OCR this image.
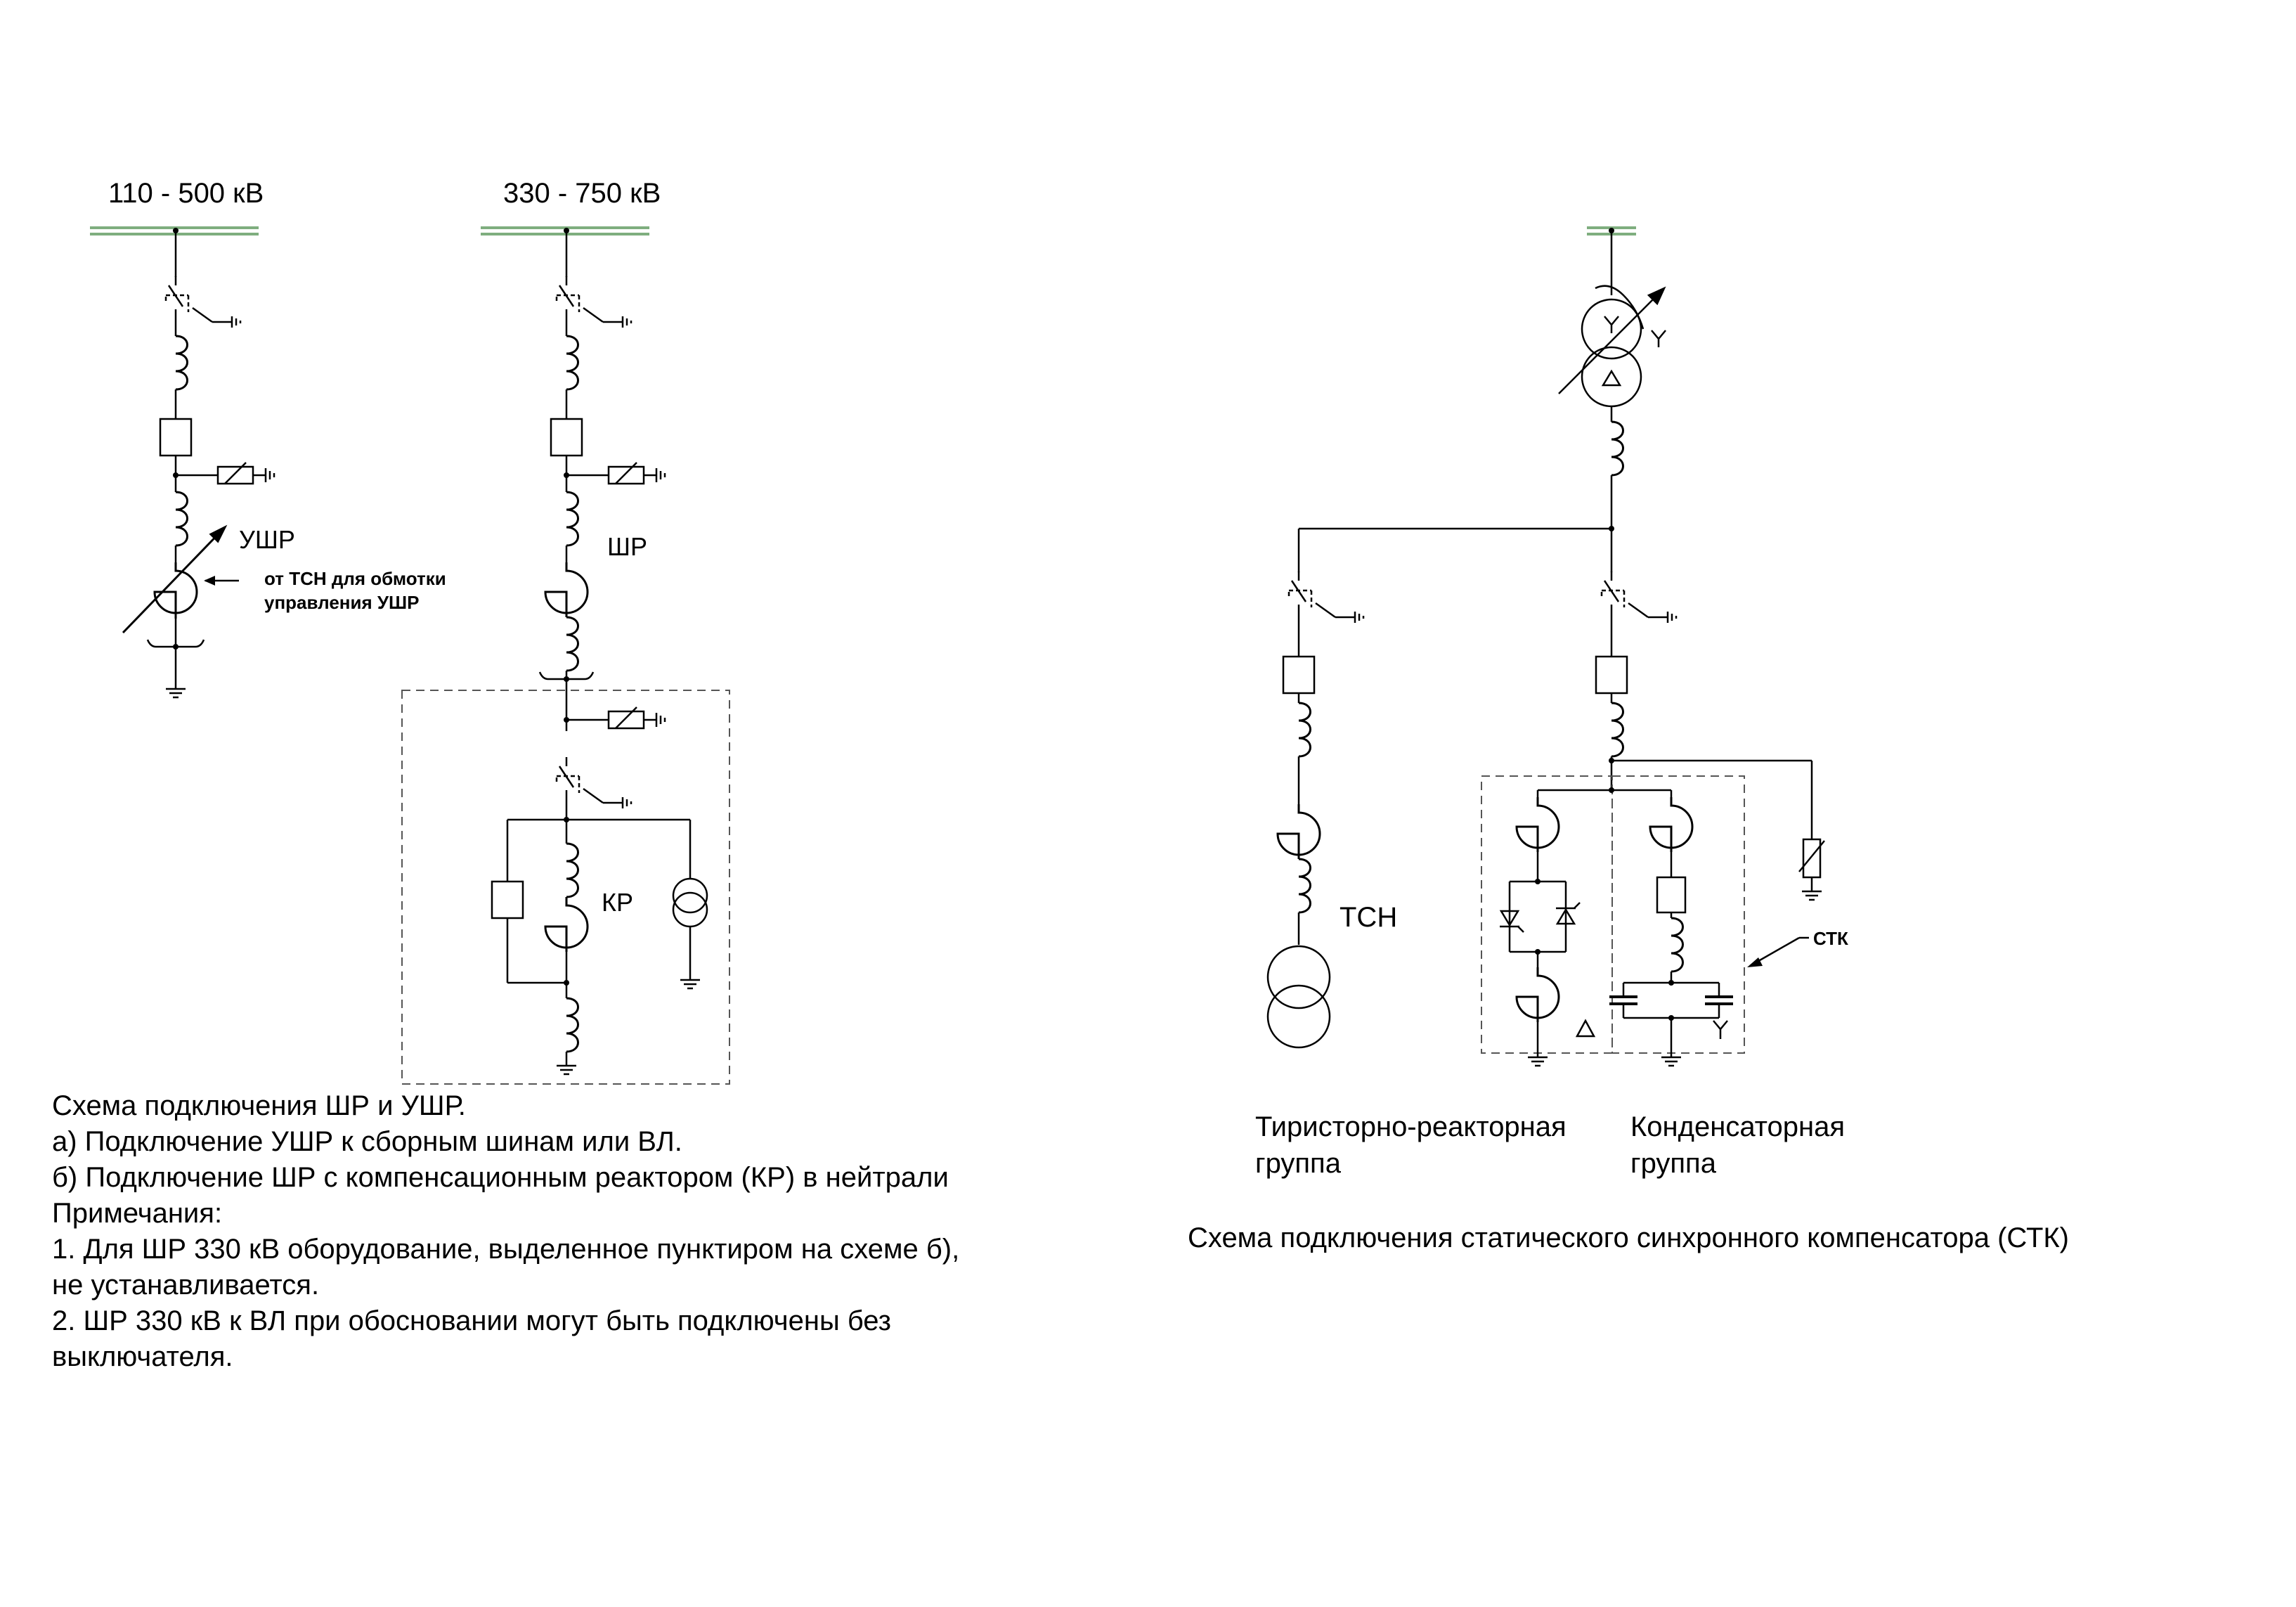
110 - 500 кВ
УШР
от ТСН для обмотки
управления УШР
330 - 750 кВ
ШР
КР	ТСН
СТК
Тиристорно-реакторная
группа
Конденсаторная
группа
Схема подключения статического синхронного компенсатора (СТК)
Схема подключения ШР и УШР.
а) Подключение УШР к сборным шинам или ВЛ.
б) Подключение ШР с компенсационным реактором (КР) в нейтрали
Примечания:
1. Для ШР 330 кВ оборудование, выделенное пунктиром на схеме б),
не устанавливается.
2. ШР 330 кВ к ВЛ при обосновании могут быть подключены без
выключателя.
